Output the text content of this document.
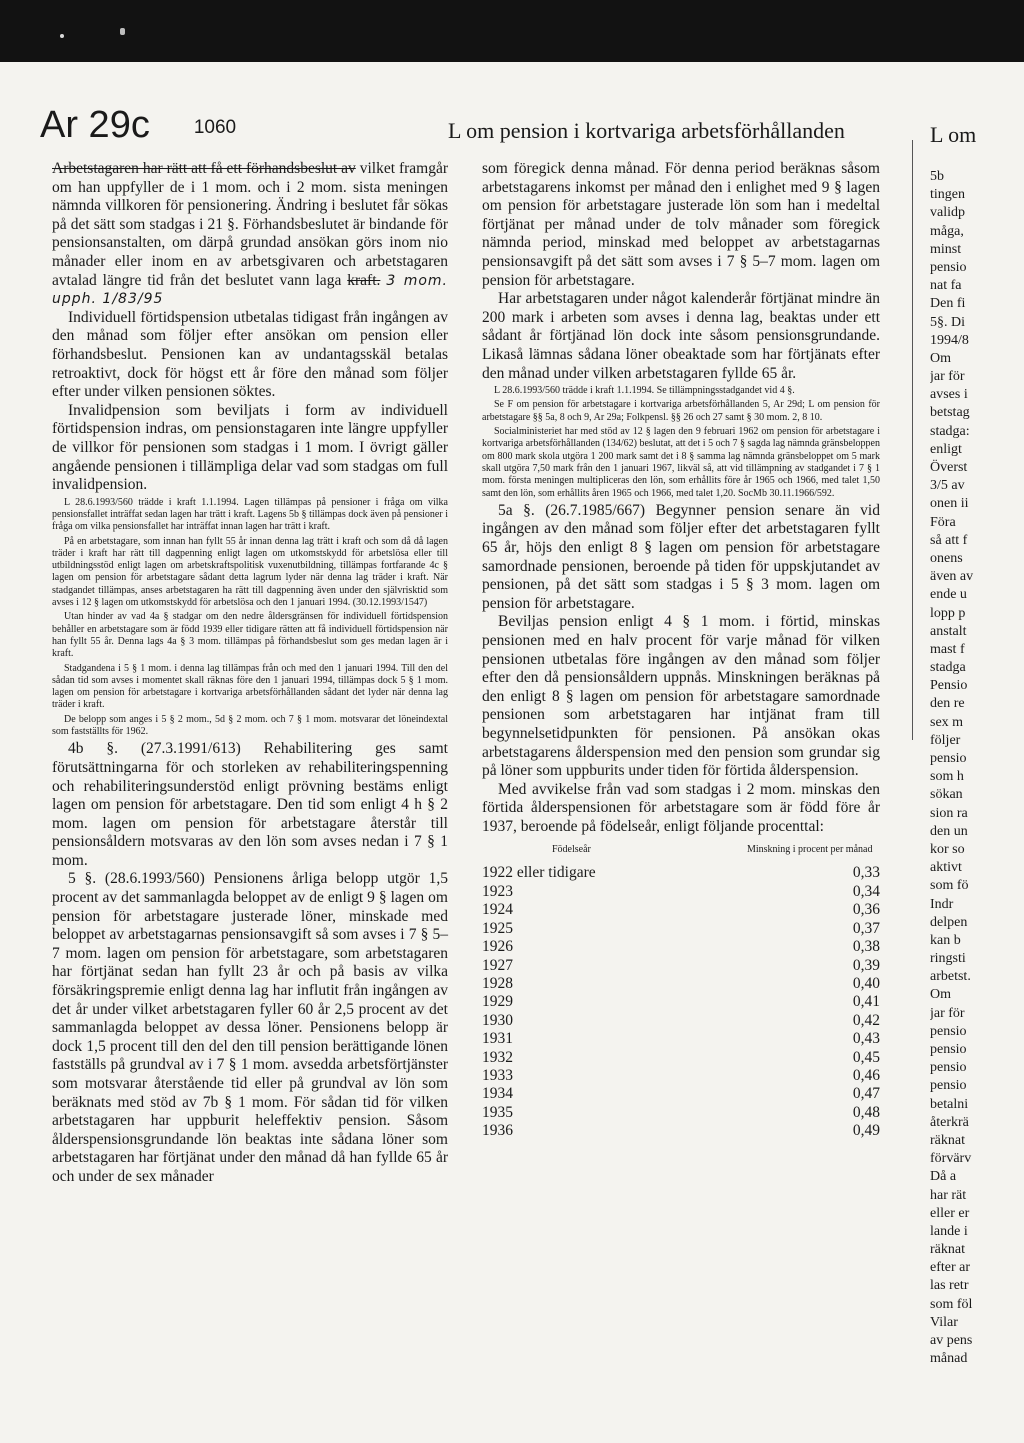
Ar 29c 1060	L om pension i kortvariga arbetsförhållanden	L om

Arbetstagaren har rätt att få ett förhandsbeslut av vilket framgår om han uppfyller de i 1 mom. och i 2 mom. sista meningen nämnda villkoren för pensionering. Ändring i beslutet får sökas på det sätt som stadgas i 21 §. Förhandsbeslutet är bindande för pensionsanstalten, om därpå grundad ansökan görs inom nio månader eller inom en av arbetsgivaren och arbetstagaren avtalad längre tid från det beslutet vann laga kraft. 3 mom. upph. 1/83/95

Individuell förtidspension utbetalas tidigast från ingången av den månad som följer efter ansökan om pension eller förhandsbeslut. Pensionen kan av undantagsskäl betalas retroaktivt, dock för högst ett år före den månad som följer efter under vilken pensionen söktes.

Invalidpension som beviljats i form av individuell förtidspension indras, om pensionstagaren inte längre uppfyller de villkor för pensionen som stadgas i 1 mom. I övrigt gäller angående pensionen i tillämpliga delar vad som stadgas om full invalidpension.

L 28.6.1993/560 trädde i kraft 1.1.1994. Lagen tillämpas på pensioner i fråga om vilka pensionsfallet inträffat sedan lagen har trätt i kraft. Lagens 5b § tillämpas dock även på pensioner i fråga om vilka pensionsfallet har inträffat innan lagen har trätt i kraft.

På en arbetstagare, som innan han fyllt 55 år innan denna lag trätt i kraft och som då då lagen träder i kraft har rätt till dagpenning enligt lagen om utkomstskydd för arbetslösa eller till utbildningsstöd enligt lagen om arbetskraftspolitisk vuxenutbildning, tillämpas fortfarande 4c § lagen om pension för arbetstagare sådant detta lagrum lyder när denna lag träder i kraft. När stadgandet tillämpas, anses arbetstagaren ha rätt till dagpenning även under den självrisktid som avses i 12 § lagen om utkomstskydd för arbetslösa och den 1 januari 1994. (30.12.1993/1547)

Utan hinder av vad 4a § stadgar om den nedre åldersgränsen för individuell förtidspension behåller en arbetstagare som är född 1939 eller tidigare rätten att få individuell förtidspension när han fyllt 55 år. Denna lags 4a § 3 mom. tillämpas på förhandsbeslut som ges medan lagen är i kraft.

Stadgandena i 5 § 1 mom. i denna lag tillämpas från och med den 1 januari 1994. Till den del sådan tid som avses i momentet skall räknas före den 1 januari 1994, tillämpas dock 5 § 1 mom. lagen om pension för arbetstagare i kortvariga arbetsförhållanden sådant det lyder när denna lag träder i kraft.

De belopp som anges i 5 § 2 mom., 5d § 2 mom. och 7 § 1 mom. motsvarar det löneindextal som fastställts för 1962.

4b §. (27.3.1991/613) Rehabilitering ges samt förutsättningarna för och storleken av rehabiliteringspenning och rehabiliteringsunderstöd enligt prövning bestäms enligt lagen om pension för arbetstagare. Den tid som enligt 4 h § 2 mom. lagen om pension för arbetstagare återstår till pensionsåldern motsvaras av den lön som avses nedan i 7 § 1 mom.

5 §. (28.6.1993/560) Pensionens årliga belopp utgör 1,5 procent av det sammanlagda beloppet av de enligt 9 § lagen om pension för arbetstagare justerade löner, minskade med beloppet av arbetstagarnas pensionsavgift så som avses i 7 § 5–7 mom. lagen om pension för arbetstagare, som arbetstagaren har förtjänat sedan han fyllt 23 år och på basis av vilka försäkringspremie enligt denna lag har influtit från ingången av det år under vilket arbetstagaren fyller 60 år 2,5 procent av det sammanlagda beloppet av dessa löner. Pensionens belopp är dock 1,5 procent till den del den till pension berättigande lönen fastställs på grundval av i 7 § 1 mom. avsedda arbetsförtjänster som motsvarar återstående tid eller på grundval av lön som beräknats med stöd av 7b § 1 mom. För sådan tid för vilken arbetstagaren har uppburit heleffektiv pension. Såsom ålderspensionsgrundande lön beaktas inte sådana löner som arbetstagaren har förtjänat under den månad då han fyllde 65 år och under de sex månader

som föregick denna månad. För denna period beräknas såsom arbetstagarens inkomst per månad den i enlighet med 9 § lagen om pension för arbetstagare justerade lön som han i medeltal förtjänat per månad under de tolv månader som föregick nämnda period, minskad med beloppet av arbetstagarnas pensionsavgift på det sätt som avses i 7 § 5–7 mom. lagen om pension för arbetstagare.

Har arbetstagaren under något kalenderår förtjänat mindre än 200 mark i arbeten som avses i denna lag, beaktas under ett sådant år förtjänad lön dock inte såsom pensionsgrundande. Likaså lämnas sådana löner obeaktade som har förtjänats efter den månad under vilken arbetstagaren fyllde 65 år.

L 28.6.1993/560 trädde i kraft 1.1.1994. Se tillämpningsstadgandet vid 4 §.

Se F om pension för arbetstagare i kortvariga arbetsförhållanden 5, Ar 29d; L om pension för arbetstagare §§ 5a, 8 och 9, Ar 29a; Folkpensl. §§ 26 och 27 samt § 30 mom. 2, 8 10.

Socialministeriet har med stöd av 12 § lagen den 9 februari 1962 om pension för arbetstagare i kortvariga arbetsförhållanden (134/62) beslutat, att det i 5 och 7 § sagda lag nämnda gränsbeloppen om 800 mark skola utgöra 1 200 mark samt det i 8 § samma lag nämnda gränsbeloppet om 5 mark skall utgöra 7,50 mark från den 1 januari 1967, likväl så, att vid tillämpning av stadgandet i 7 § 1 mom. första meningen multipliceras den lön, som erhållits före år 1965 och 1966, med talet 1,50 samt den lön, som erhållits åren 1965 och 1966, med talet 1,20. SocMb 30.11.1966/592.

5a §. (26.7.1985/667) Begynner pension senare än vid ingången av den månad som följer efter det arbetstagaren fyllt 65 år, höjs den enligt 8 § lagen om pension för arbetstagare samordnade pensionen, beroende på tiden för uppskjutandet av pensionen, på det sätt som stadgas i 5 § 3 mom. lagen om pension för arbetstagare.

Beviljas pension enligt 4 § 1 mom. i förtid, minskas pensionen med en halv procent för varje månad för vilken pensionen utbetalas före ingången av den månad som följer efter den då pensionsåldern uppnås. Minskningen beräknas på den enligt 8 § lagen om pension för arbetstagare samordnade pensionen som arbetstagaren har intjänat fram till begynnelsetidpunkten för pensionen. På ansökan okas arbetstagarens ålderspension med den pension som grundar sig på löner som uppburits under tiden för förtida ålderspension.

Med avvikelse från vad som stadgas i 2 mom. minskas den förtida ålderspensionen för arbetstagare som är född före år 1937, beroende på födelseår, enligt följande procenttal:

Födelseår	Minskning i procent per månad
1922 eller tidigare	0,33
1923	0,34
1924	0,36
1925	0,37
1926	0,38
1927	0,39
1928	0,40
1929	0,41
1930	0,42
1931	0,43
1932	0,45
1933	0,46
1934	0,47
1935	0,48
1936	0,49
5b
tingen
validp
måga,
minst
pensio
nat fa
Den fi
5§. Di
1994/8
Om
jar för
avses i
betstag
stadga:
enligt
Överst
3/5 av
onen ii
Föra
så att f
onens
även av
ende u
lopp p
anstalt
mast f
stadga
Pensio
den re
sex m
följer
pensio
som h
sökan
sion ra
den un
kor so
aktivt
som fö
Indr
delpen
kan b
ringsti
arbetst.
Om
jar för
pensio
pensio
pensio
pensio
betalni
återkrä
räknat
förvärv
Då a
har rät
eller er
lande i
räknat
efter ar
las retr
som föl
Vilar
av pens
månad
